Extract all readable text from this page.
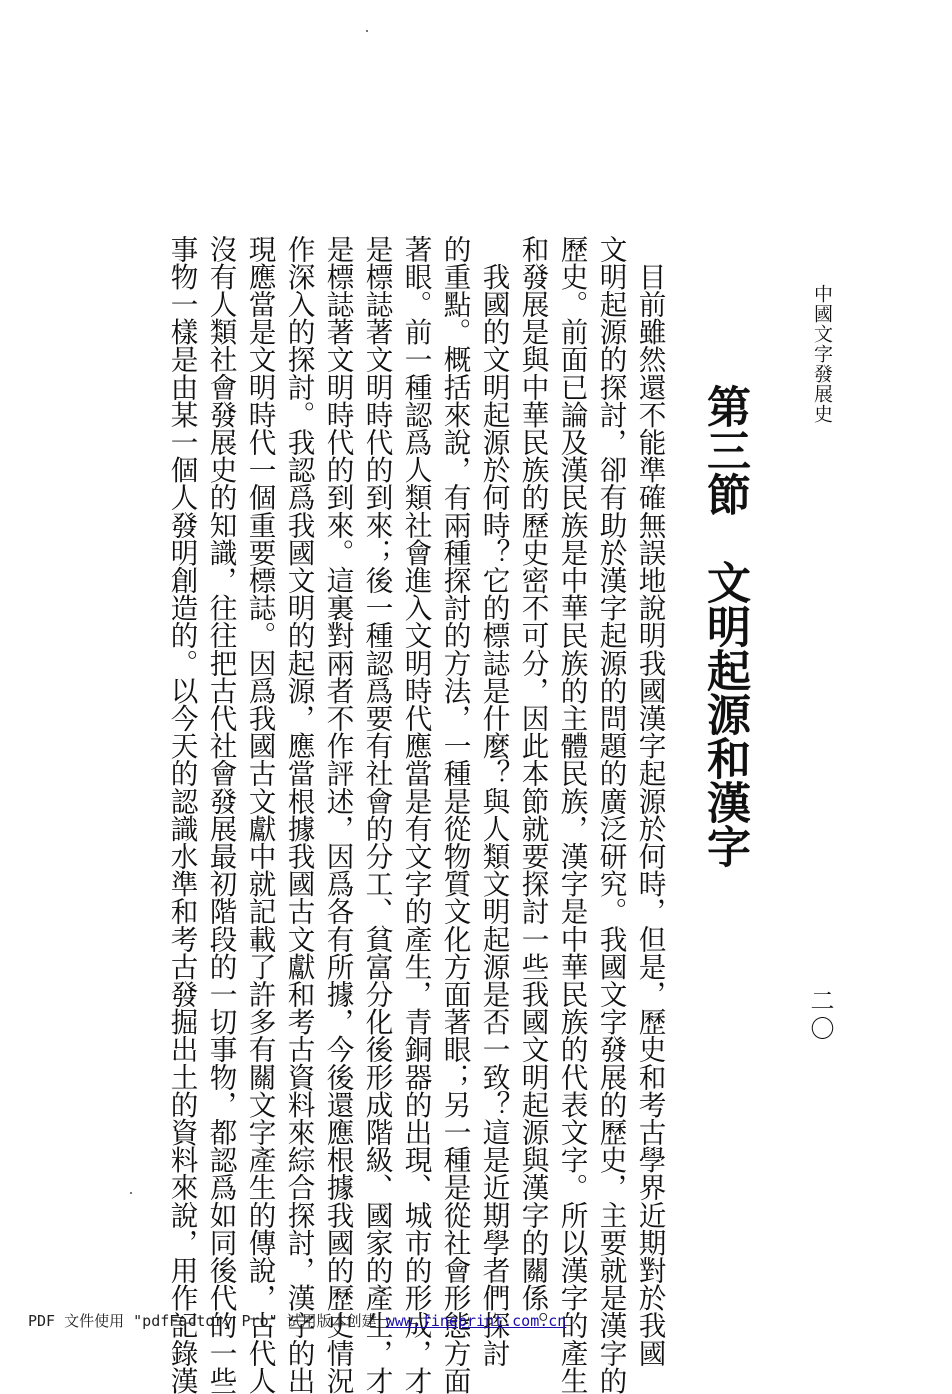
中國文字發展史
二〇
第三節　文明起源和漢字
　目前雖然還不能準確無誤地說明我國漢字起源於何時，但是，歷史和考古學界近期對於我國
文明起源的探討，卻有助於漢字起源的問題的廣泛研究。我國文字發展的歷史，主要就是漢字的
歷史。前面已論及漢民族是中華民族的主體民族，漢字是中華民族的代表文字。所以漢字的產生
和發展是與中華民族的歷史密不可分，因此本節就要探討一些我國文明起源與漢字的關係。
　我國的文明起源於何時？它的標誌是什麼？與人類文明起源是否一致？這是近期學者們探討
的重點。概括來說，有兩種探討的方法，一種是從物質文化方面著眼；另一種是從社會形態方面
著眼。前一種認爲人類社會進入文明時代應當是有文字的產生，青銅器的出現、城市的形成，才
是標誌著文明時代的到來；後一種認爲要有社會的分工、貧富分化後形成階級、國家的產生，才
是標誌著文明時代的到來。這裏對兩者不作評述，因爲各有所據，今後還應根據我國的歷史情況
作深入的探討。我認爲我國文明的起源，應當根據我國古文獻和考古資料來綜合探討，漢字的出
現應當是文明時代一個重要標誌。因爲我國古文獻中就記載了許多有關文字產生的傳說，古代人
沒有人類社會發展史的知識，往往把古代社會發展最初階段的一切事物，都認爲如同後代的一些
事物一樣是由某一個人發明創造的。以今天的認識水準和考古發掘出土的資料來說，用作記錄漢
PDF 文件使用 "pdfFactory Pro" 试用版本创建 www.fineprint.com.cn
